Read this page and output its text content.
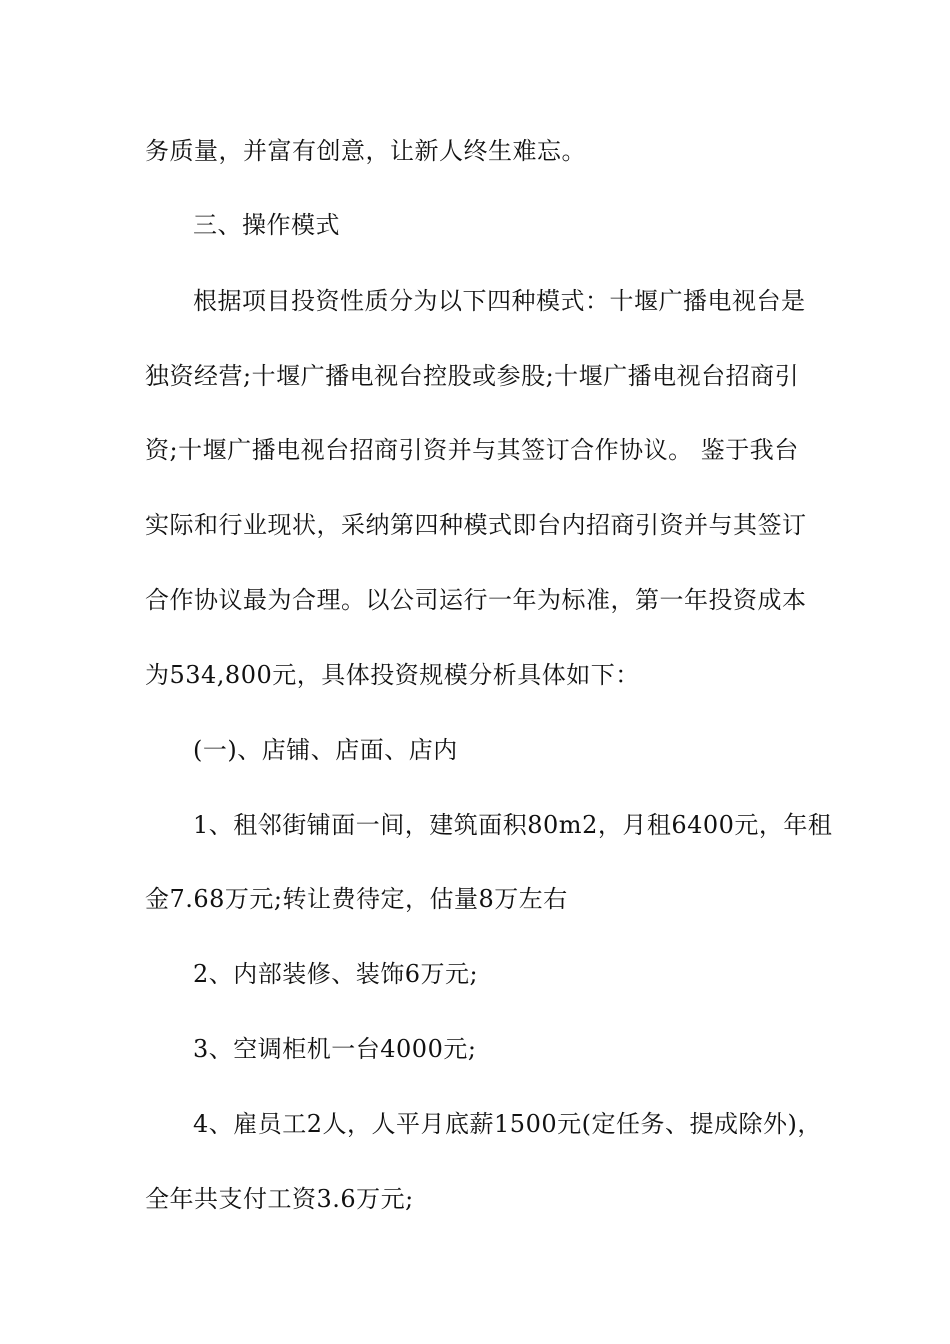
务质量，并富有创意，让新人终生难忘。
三、操作模式
根据项目投资性质分为以下四种模式：十堰广播电视台是
独资经营;十堰广播电视台控股或参股;十堰广播电视台招商引
资;十堰广播电视台招商引资并与其签订合作协议。 鉴于我台
实际和行业现状，采纳第四种模式即台内招商引资并与其签订
合作协议最为合理。以公司运行一年为标准，第一年投资成本
为534,800元，具体投资规模分析具体如下：
(一)、店铺、店面、店内
1、租邻街铺面一间，建筑面积80m2，月租6400元，年租
金7.68万元;转让费待定，估量8万左右
2、内部装修、装饰6万元;
3、空调柜机一台4000元;
4、雇员工2人，人平月底薪1500元(定任务、提成除外)，
全年共支付工资3.6万元;
